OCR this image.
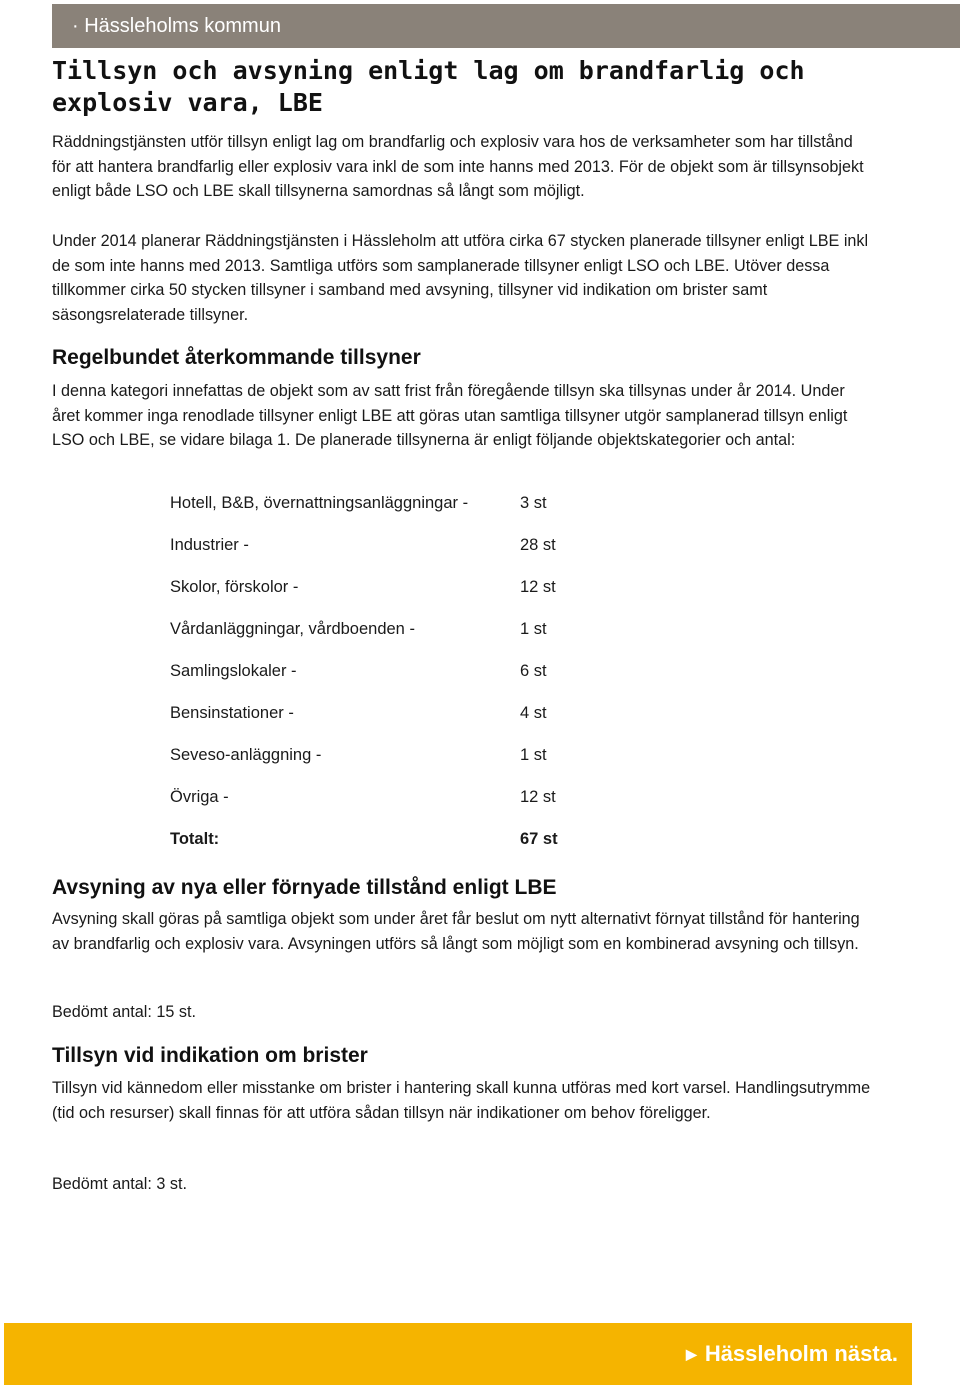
· Hässleholms kommun
Tillsyn och avsyning enligt lag om brandfarlig och explosiv vara, LBE

Räddningstjänsten utför tillsyn enligt lag om brandfarlig och explosiv vara hos de verksamheter som har tillstånd för att hantera brandfarlig eller explosiv vara inkl de som inte hanns med 2013. För de objekt som är tillsynsobjekt enligt både LSO och LBE skall tillsynerna samordnas så långt som möjligt.

Under 2014 planerar Räddningstjänsten i Hässleholm att utföra cirka 67 stycken planerade tillsyner enligt LBE inkl de som inte hanns med 2013. Samtliga utförs som samplanerade tillsyner enligt LSO och LBE. Utöver dessa tillkommer cirka 50 stycken tillsyner i samband med avsyning, tillsyner vid indikation om brister samt säsongsrelaterade tillsyner.

Regelbundet återkommande tillsyner

I denna kategori innefattas de objekt som av satt frist från föregående tillsyn ska tillsynas under år 2014. Under året kommer inga renodlade tillsyner enligt LBE att göras utan samtliga tillsyner utgör samplanerad tillsyn enligt LSO och LBE, se vidare bilaga 1. De planerade tillsynerna är enligt följande objektskategorier och antal:

Hotell, B&B, övernattningsanläggningar -	3 st
Industrier -	28 st
Skolor, förskolor -	12 st
Vårdanläggningar, vårdboenden -	1 st
Samlingslokaler -	6 st
Bensinstationer -	4 st
Seveso-anläggning -	1 st
Övriga -	12 st
Totalt:	67 st
Avsyning av nya eller förnyade tillstånd enligt LBE

Avsyning skall göras på samtliga objekt som under året får beslut om nytt alternativt förnyat tillstånd för hantering av brandfarlig och explosiv vara. Avsyningen utförs så långt som möjligt som en kombinerad avsyning och tillsyn.

Bedömt antal: 15 st.

Tillsyn vid indikation om brister

Tillsyn vid kännedom eller misstanke om brister i hantering skall kunna utföras med kort varsel. Handlingsutrymme (tid och resurser) skall finnas för att utföra sådan tillsyn när indikationer om behov föreligger.

Bedömt antal: 3 st.

▶ Hässleholm nästa.
